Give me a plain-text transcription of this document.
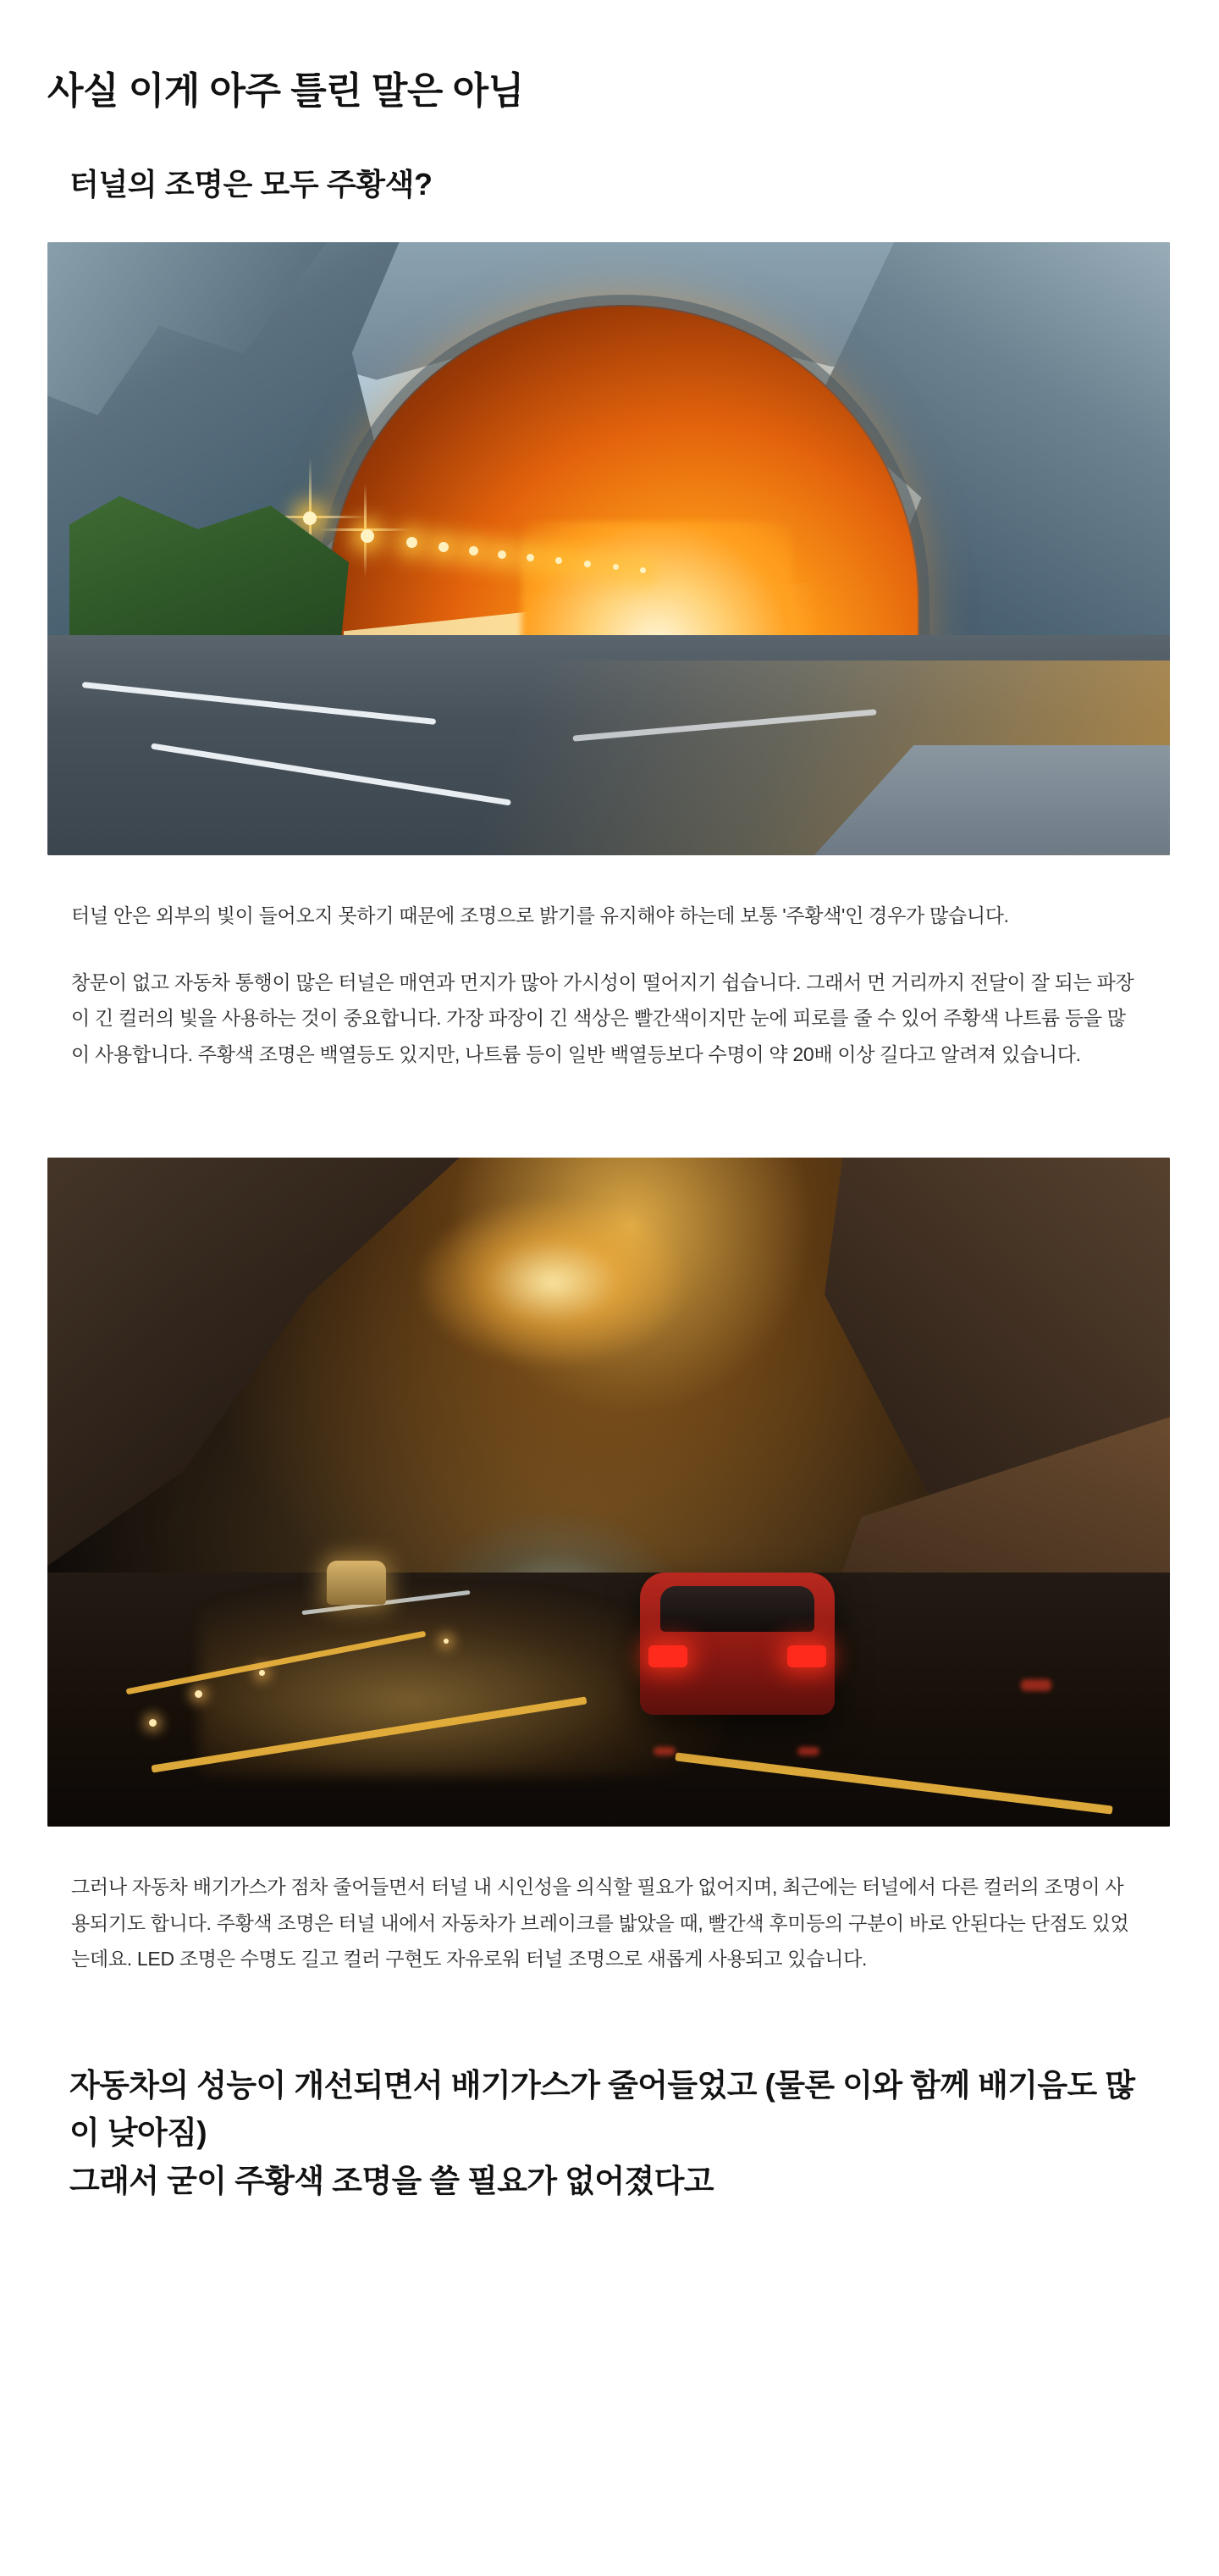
사실 이게 아주 틀린 말은 아님
터널의 조명은 모두 주황색?

터널 안은 외부의 빛이 들어오지 못하기 때문에 조명으로 밝기를 유지해야 하는데 보통 '주황색'인 경우가 많습니다.

창문이 없고 자동차 통행이 많은 터널은 매연과 먼지가 많아 가시성이 떨어지기 쉽습니다. 그래서 먼 거리까지 전달이 잘 되는 파장이 긴 컬러의 빛을 사용하는 것이 중요합니다. 가장 파장이 긴 색상은 빨간색이지만 눈에 피로를 줄 수 있어 주황색 나트륨 등을 많이 사용합니다. 주황색 조명은 백열등도 있지만, 나트륨 등이 일반 백열등보다 수명이 약 20배 이상 길다고 알려져 있습니다.

그러나 자동차 배기가스가 점차 줄어들면서 터널 내 시인성을 의식할 필요가 없어지며, 최근에는 터널에서 다른 컬러의 조명이 사용되기도 합니다. 주황색 조명은 터널 내에서 자동차가 브레이크를 밟았을 때, 빨간색 후미등의 구분이 바로 안된다는 단점도 있었는데요. LED 조명은 수명도 길고 컬러 구현도 자유로워 터널 조명으로 새롭게 사용되고 있습니다.

자동차의 성능이 개선되면서 배기가스가 줄어들었고 (물론 이와 함께 배기음도 많이 낮아짐)

그래서 굳이 주황색 조명을 쓸 필요가 없어졌다고
